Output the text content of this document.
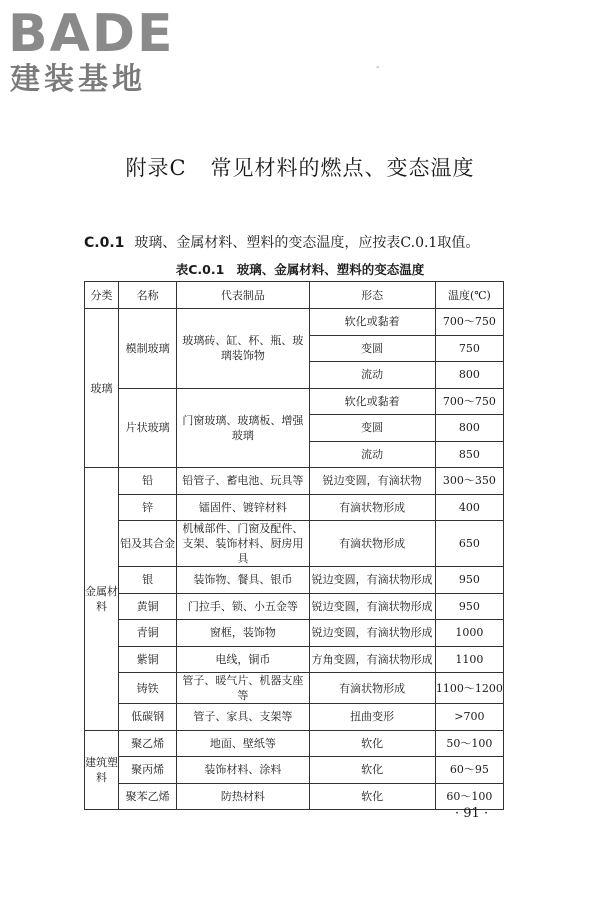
BADE
建装基地	-
附录C 常见材料的燃点、变态温度
C.0.1 玻璃、金属材料、塑料的变态温度，应按表C.0.1取值。
表C.0.1　玻璃、金属材料、塑料的变态温度
分类	名称	代表制品	形态	温度(℃)
玻璃	模制玻璃	玻璃砖、缸、杯、瓶、玻璃装饰物	软化或黏着	700～750
			变圆	750
			流动	800
	片状玻璃	门窗玻璃、玻璃板、增强玻璃	软化或黏着	700～750
			变圆	800
			流动	850
金属材料	铅	铅管子、蓄电池、玩具等	锐边变圆，有滴状物	300～350
	锌	镭固件、镀锌材料	有滴状物形成	400
	铝及其合金	机械部件、门窗及配件、支架、装饰材料、厨房用具	有滴状物形成	650
	银	装饰物、餐具、银币	锐边变圆，有滴状物形成	950
	黄铜	门拉手、锁、小五金等	锐边变圆，有滴状物形成	950
	青铜	窗框，装饰物	锐边变圆，有滴状物形成	1000
	紫铜	电线，铜币	方角变圆，有滴状物形成	1100
	铸铁	管子、暖气片、机器支座等	有滴状物形成	1100～1200
	低碳钢	管子、家具、支架等	扭曲变形	>700
建筑塑料	聚乙烯	地面、壁纸等	软化	50～100
	聚丙烯	装饰材料、涂料	软化	60～95
	聚苯乙烯	防热材料	软化	60～100
· 91 ·
